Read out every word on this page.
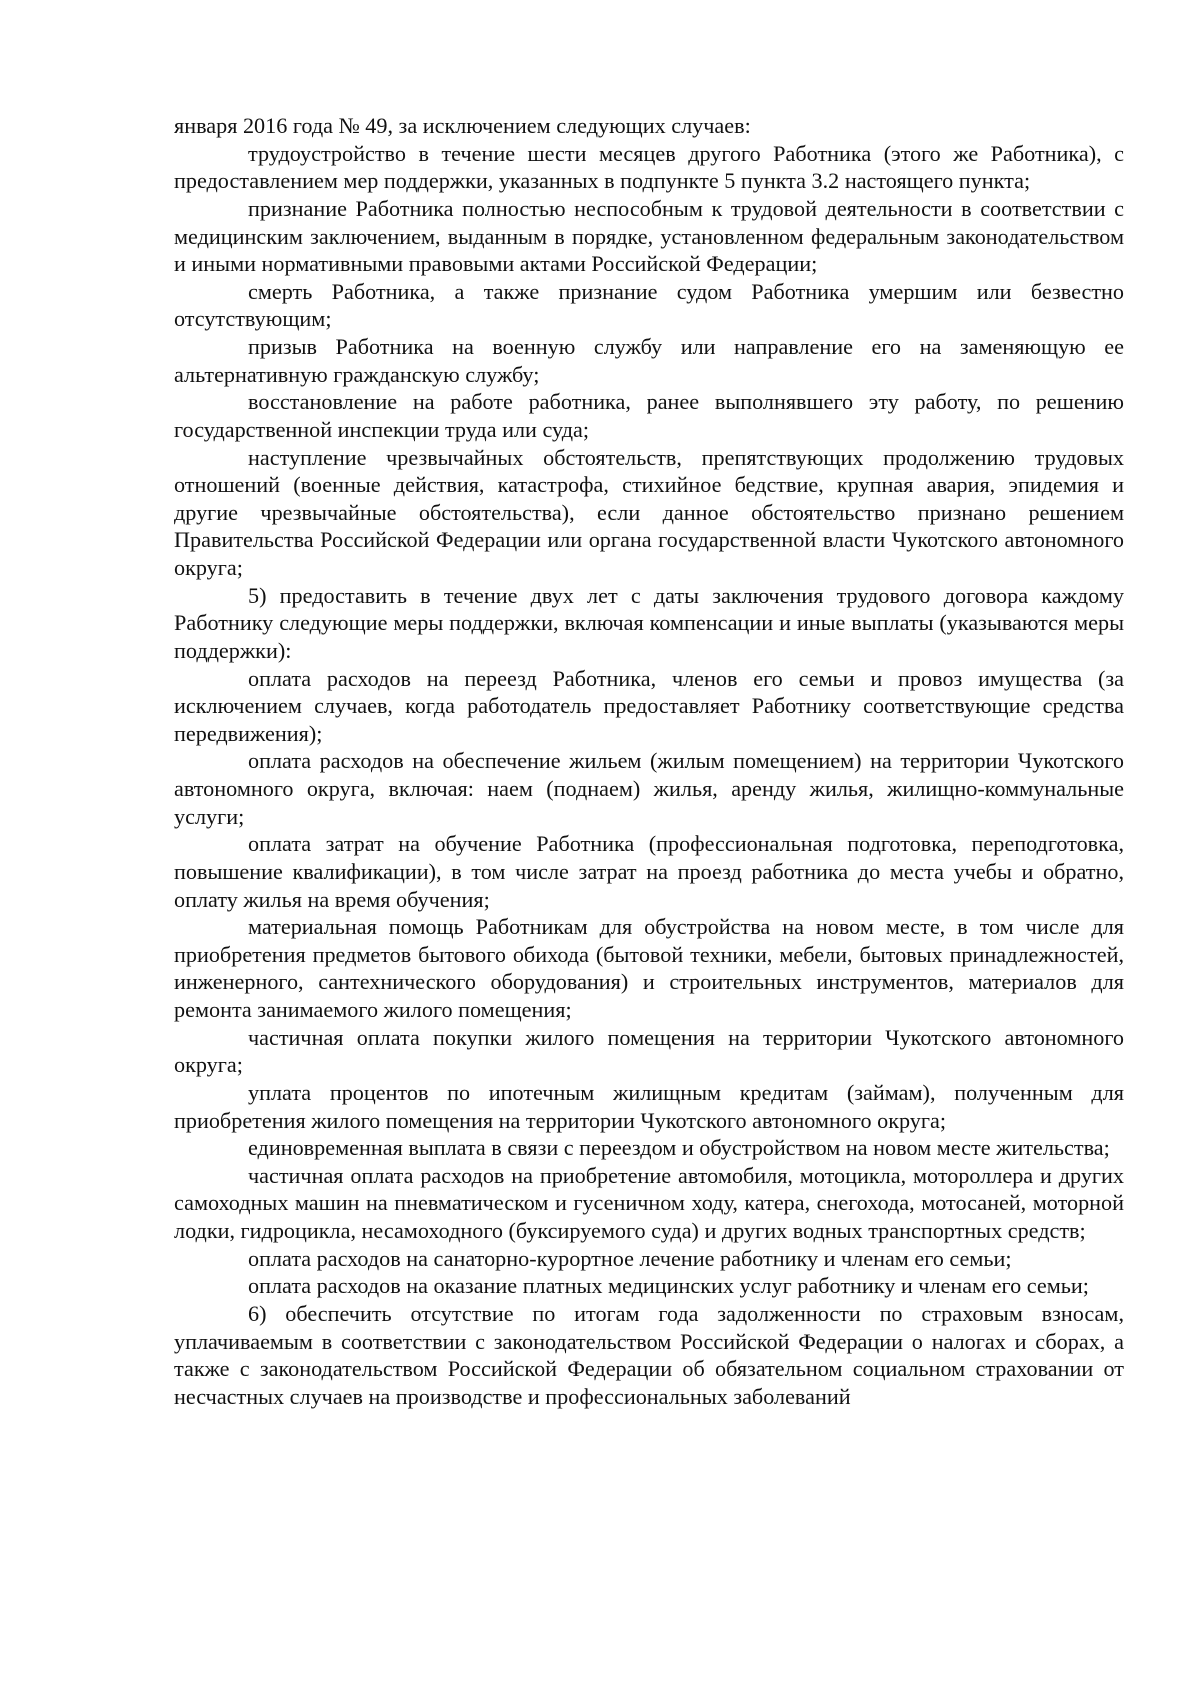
января 2016 года № 49, за исключением следующих случаев:

трудоустройство в течение шести месяцев другого Работника (этого же Работника), с предоставлением мер поддержки, указанных в подпункте 5 пункта 3.2 настоящего пункта;

признание Работника полностью неспособным к трудовой деятельности в соответствии с медицинским заключением, выданным в порядке, установленном федеральным законодательством и иными нормативными правовыми актами Российской Федерации;

смерть Работника, а также признание судом Работника умершим или безвестно отсутствующим;

призыв Работника на военную службу или направление его на заменяющую ее альтернативную гражданскую службу;

восстановление на работе работника, ранее выполнявшего эту работу, по решению государственной инспекции труда или суда;

наступление чрезвычайных обстоятельств, препятствующих продолжению трудовых отношений (военные действия, катастрофа, стихийное бедствие, крупная авария, эпидемия и другие чрезвычайные обстоятельства), если данное обстоятельство признано решением Правительства Российской Федерации или органа государственной власти Чукотского автономного округа;

5) предоставить в течение двух лет с даты заключения трудового договора каждому Работнику следующие меры поддержки, включая компенсации и иные выплаты (указываются меры поддержки):

оплата расходов на переезд Работника, членов его семьи и провоз имущества (за исключением случаев, когда работодатель предоставляет Работнику соответствующие средства передвижения);

оплата расходов на обеспечение жильем (жилым помещением) на территории Чукотского автономного округа, включая: наем (поднаем) жилья, аренду жилья, жилищно-коммунальные услуги;

оплата затрат на обучение Работника (профессиональная подготовка, переподготовка, повышение квалификации), в том числе затрат на проезд работника до места учебы и обратно, оплату жилья на время обучения;

материальная помощь Работникам для обустройства на новом месте, в том числе для приобретения предметов бытового обихода (бытовой техники, мебели, бытовых принадлежностей, инженерного, сантехнического оборудования) и строительных инструментов, материалов для ремонта занимаемого жилого помещения;

частичная оплата покупки жилого помещения на территории Чукотского автономного округа;

уплата процентов по ипотечным жилищным кредитам (займам), полученным для приобретения жилого помещения на территории Чукотского автономного округа;

единовременная выплата в связи с переездом и обустройством на новом месте жительства;

частичная оплата расходов на приобретение автомобиля, мотоцикла, мотороллера и других самоходных машин на пневматическом и гусеничном ходу, катера, снегохода, мотосаней, моторной лодки, гидроцикла, несамоходного (буксируемого суда) и других водных транспортных средств;

оплата расходов на санаторно-курортное лечение работнику и членам его семьи;

оплата расходов на оказание платных медицинских услуг работнику и членам его семьи;

6) обеспечить отсутствие по итогам года задолженности по страховым взносам, уплачиваемым в соответствии с законодательством Российской Федерации о налогах и сборах, а также с законодательством Российской Федерации об обязательном социальном страховании от несчастных случаев на производстве и профессиональных заболеваний
